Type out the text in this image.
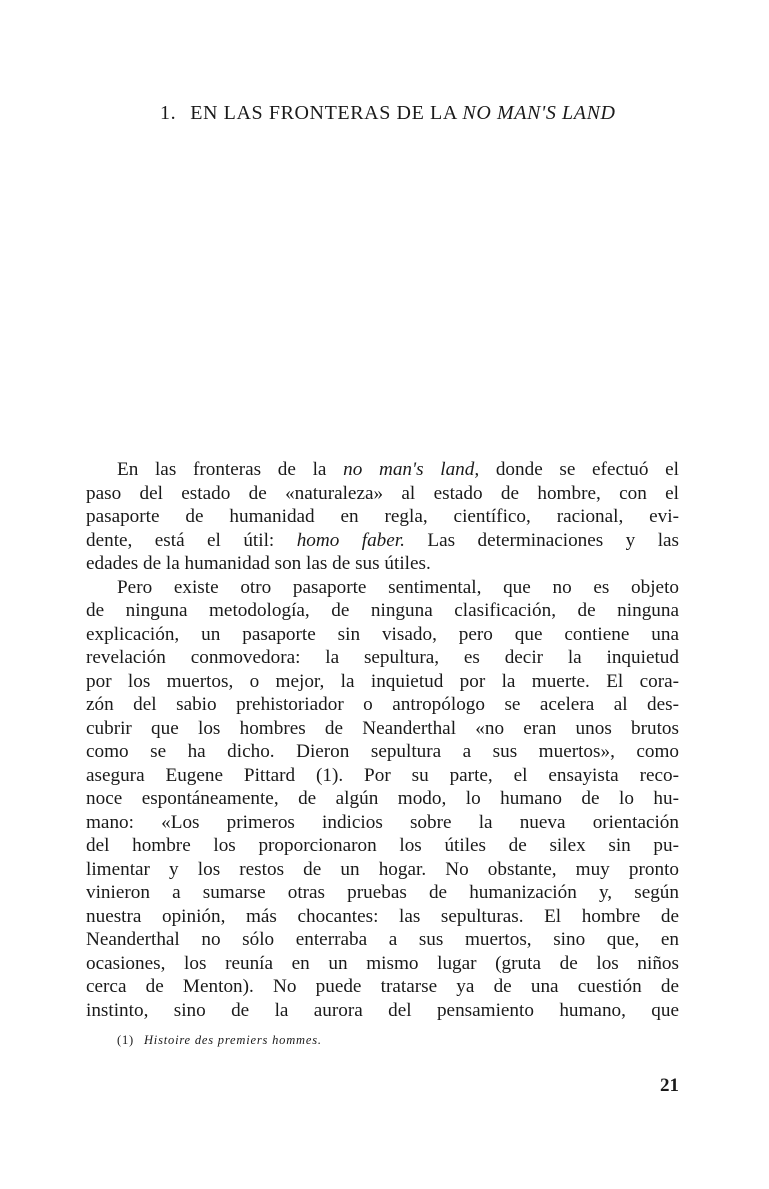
1. EN LAS FRONTERAS DE LA NO MAN'S LAND
En las fronteras de la no man's land, donde se efectuó el
paso del estado de «naturaleza» al estado de hombre, con el
pasaporte de humanidad en regla, científico, racional, evi-
dente, está el útil: homo faber. Las determinaciones y las
edades de la humanidad son las de sus útiles.
Pero existe otro pasaporte sentimental, que no es objeto
de ninguna metodología, de ninguna clasificación, de ninguna
explicación, un pasaporte sin visado, pero que contiene una
revelación conmovedora: la sepultura, es decir la inquietud
por los muertos, o mejor, la inquietud por la muerte. El cora-
zón del sabio prehistoriador o antropólogo se acelera al des-
cubrir que los hombres de Neanderthal «no eran unos brutos
como se ha dicho. Dieron sepultura a sus muertos», como
asegura Eugene Pittard (1). Por su parte, el ensayista reco-
noce espontáneamente, de algún modo, lo humano de lo hu-
mano: «Los primeros indicios sobre la nueva orientación
del hombre los proporcionaron los útiles de silex sin pu-
limentar y los restos de un hogar. No obstante, muy pronto
vinieron a sumarse otras pruebas de humanización y, según
nuestra opinión, más chocantes: las sepulturas. El hombre de
Neanderthal no sólo enterraba a sus muertos, sino que, en
ocasiones, los reunía en un mismo lugar (gruta de los niños
cerca de Menton). No puede tratarse ya de una cuestión de
instinto, sino de la aurora del pensamiento humano, que
(1) Histoire des premiers hommes.
21
